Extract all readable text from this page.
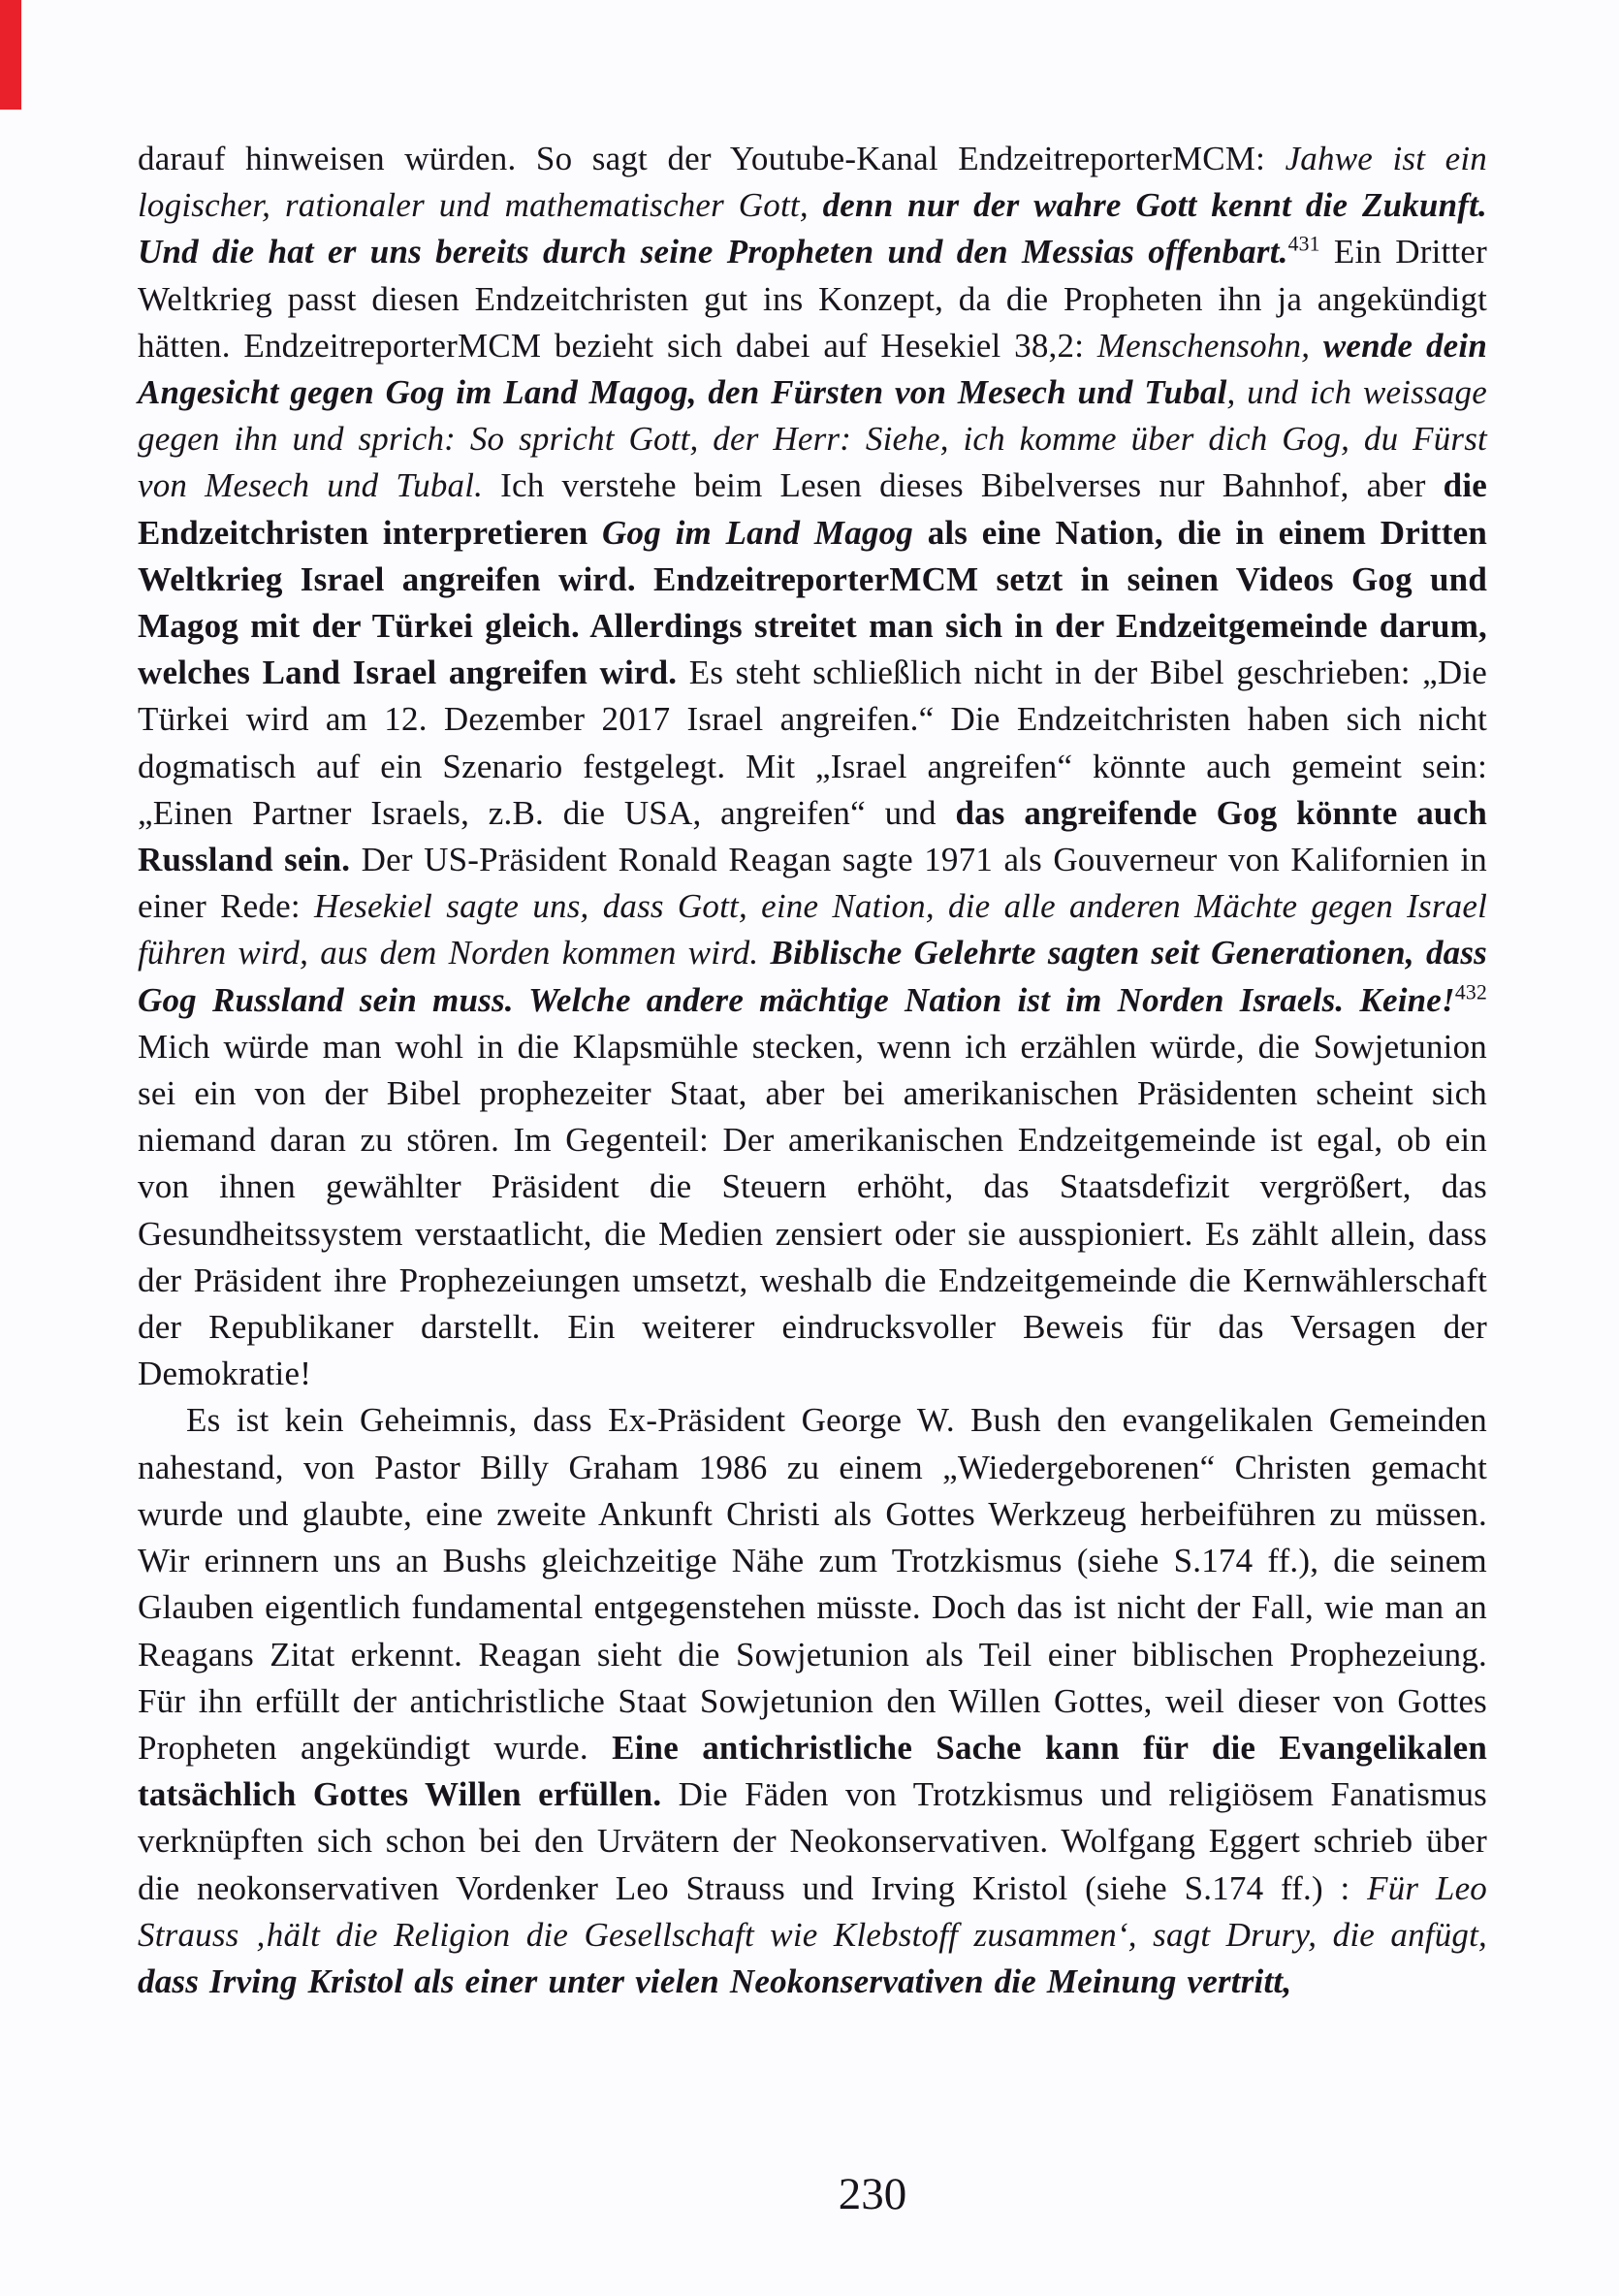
darauf hinweisen würden. So sagt der Youtube-Kanal EndzeitreporterMCM: Jahwe ist ein logischer, rationaler und mathematischer Gott, denn nur der wahre Gott kennt die Zukunft. Und die hat er uns bereits durch seine Propheten und den Messias offenbart.$^{431}$ Ein Dritter Weltkrieg passt diesen Endzeitchristen gut ins Konzept, da die Propheten ihn ja angekündigt hätten. EndzeitreporterMCM bezieht sich dabei auf Hesekiel 38,2: Menschensohn, wende dein Angesicht gegen Gog im Land Magog, den Fürsten von Mesech und Tubal, und ich weissage gegen ihn und sprich: So spricht Gott, der Herr: Siehe, ich komme über dich Gog, du Fürst von Mesech und Tubal. Ich verstehe beim Lesen dieses Bibelverses nur Bahnhof, aber die Endzeitchristen interpretieren Gog im Land Magog als eine Nation, die in einem Dritten Weltkrieg Israel angreifen wird. EndzeitreporterMCM setzt in seinen Videos Gog und Magog mit der Türkei gleich. Allerdings streitet man sich in der Endzeitgemeinde darum, welches Land Israel angreifen wird. Es steht schließlich nicht in der Bibel geschrieben: „Die Türkei wird am 12. Dezember 2017 Israel angreifen.“ Die Endzeitchristen haben sich nicht dogmatisch auf ein Szenario festgelegt. Mit „Israel angreifen“ könnte auch gemeint sein: „Einen Partner Israels, z.B. die USA, angreifen“ und das angreifende Gog könnte auch Russland sein. Der US-Präsident Ronald Reagan sagte 1971 als Gouverneur von Kalifornien in einer Rede: Hesekiel sagte uns, dass Gott, eine Nation, die alle anderen Mächte gegen Israel führen wird, aus dem Norden kommen wird. Biblische Gelehrte sagten seit Generationen, dass Gog Russland sein muss. Welche andere mächtige Nation ist im Norden Israels. Keine!$^{432}$ Mich würde man wohl in die Klapsmühle stecken, wenn ich erzählen würde, die Sowjetunion sei ein von der Bibel prophezeiter Staat, aber bei amerikanischen Präsidenten scheint sich niemand daran zu stören. Im Gegenteil: Der amerikanischen Endzeitgemeinde ist egal, ob ein von ihnen gewählter Präsident die Steuern erhöht, das Staatsdefizit vergrößert, das Gesundheitssystem verstaatlicht, die Medien zensiert oder sie ausspioniert. Es zählt allein, dass der Präsident ihre Prophezeiungen umsetzt, weshalb die Endzeitgemeinde die Kernwählerschaft der Republikaner darstellt. Ein weiterer eindrucksvoller Beweis für das Versagen der Demokratie!

Es ist kein Geheimnis, dass Ex-Präsident George W. Bush den evangelikalen Gemeinden nahestand, von Pastor Billy Graham 1986 zu einem „Wiedergeborenen“ Christen gemacht wurde und glaubte, eine zweite Ankunft Christi als Gottes Werkzeug herbeiführen zu müssen. Wir erinnern uns an Bushs gleichzeitige Nähe zum Trotzkismus (siehe S.174 ff.), die seinem Glauben eigentlich fundamental entgegenstehen müsste. Doch das ist nicht der Fall, wie man an Reagans Zitat erkennt. Reagan sieht die Sowjetunion als Teil einer biblischen Prophezeiung. Für ihn erfüllt der antichristliche Staat Sowjetunion den Willen Gottes, weil dieser von Gottes Propheten angekündigt wurde. Eine antichristliche Sache kann für die Evangelikalen tatsächlich Gottes Willen erfüllen. Die Fäden von Trotzkismus und religiösem Fanatismus verknüpften sich schon bei den Urvätern der Neokonservativen. Wolfgang Eggert schrieb über die neokonservativen Vordenker Leo Strauss und Irving Kristol (siehe S.174 ff.) : Für Leo Strauss ‚hält die Religion die Gesellschaft wie Klebstoff zusammen‘, sagt Drury, die anfügt, dass Irving Kristol als einer unter vielen Neokonservativen die Meinung vertritt,

230
